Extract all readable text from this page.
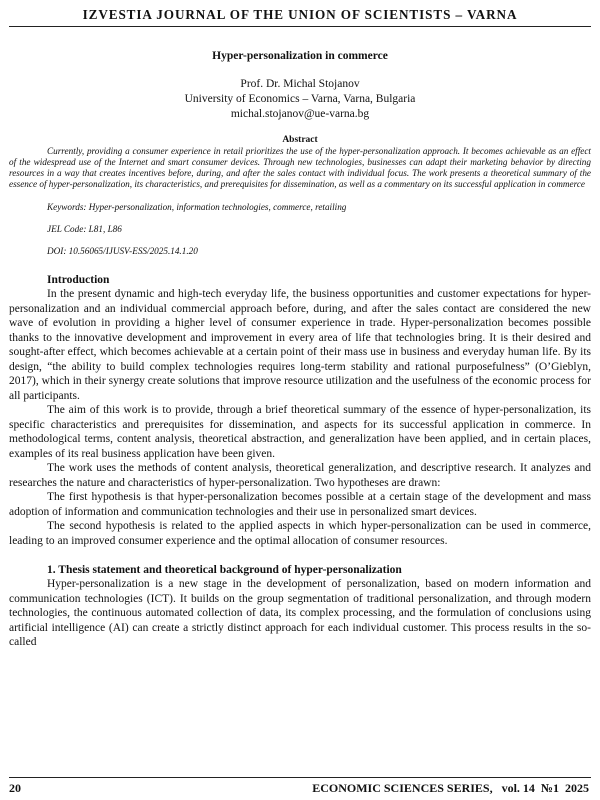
IZVESTIA JOURNAL OF THE UNION OF SCIENTISTS – VARNA
Hyper-personalization in commerce
Prof. Dr. Michal Stojanov
University of Economics – Varna, Varna, Bulgaria
michal.stojanov@ue-varna.bg
Abstract

Currently, providing a consumer experience in retail prioritizes the use of the hyper-personalization approach. It becomes achievable as an effect of the widespread use of the Internet and smart consumer devices. Through new technologies, businesses can adapt their marketing behavior by directing resources in a way that creates incentives before, during, and after the sales contact with individual focus. The work presents a theoretical summary of the essence of hyper-personalization, its characteristics, and prerequisites for dissemination, as well as a commentary on its successful application in commerce

Keywords: Hyper-personalization, information technologies, commerce, retailing

JEL Code: L81, L86

DOI: 10.56065/IJUSV-ESS/2025.14.1.20

Introduction

In the present dynamic and high-tech everyday life, the business opportunities and customer expectations for hyper-personalization and an individual commercial approach before, during, and after the sales contact are considered the new wave of evolution in providing a higher level of consumer experience in trade. Hyper-personalization becomes possible thanks to the innovative development and improvement in every area of life that technologies bring. It is their desired and sought-after effect, which becomes achievable at a certain point of their mass use in business and everyday human life. By its design, “the ability to build complex technologies requires long-term stability and rational purposefulness” (O’Gieblyn, 2017), which in their synergy create solutions that improve resource utilization and the usefulness of the economic process for all participants.

The aim of this work is to provide, through a brief theoretical summary of the essence of hyper-personalization, its specific characteristics and prerequisites for dissemination, and aspects for its successful application in commerce. In methodological terms, content analysis, theoretical abstraction, and generalization have been applied, and in certain places, examples of its real business application have been given.

The work uses the methods of content analysis, theoretical generalization, and descriptive research. It analyzes and researches the nature and characteristics of hyper-personalization. Two hypotheses are drawn:

The first hypothesis is that hyper-personalization becomes possible at a certain stage of the development and mass adoption of information and communication technologies and their use in personalized smart devices.

The second hypothesis is related to the applied aspects in which hyper-personalization can be used in commerce, leading to an improved consumer experience and the optimal allocation of consumer resources.

1. Thesis statement and theoretical background of hyper-personalization

Hyper-personalization is a new stage in the development of personalization, based on modern information and communication technologies (ICT). It builds on the group segmentation of traditional personalization, and through modern technologies, the continuous automated collection of data, its complex processing, and the formulation of conclusions using artificial intelligence (AI) can create a strictly distinct approach for each individual customer. This process results in the so-called

20	ECONOMIC SCIENCES SERIES,   vol. 14  №1  2025
